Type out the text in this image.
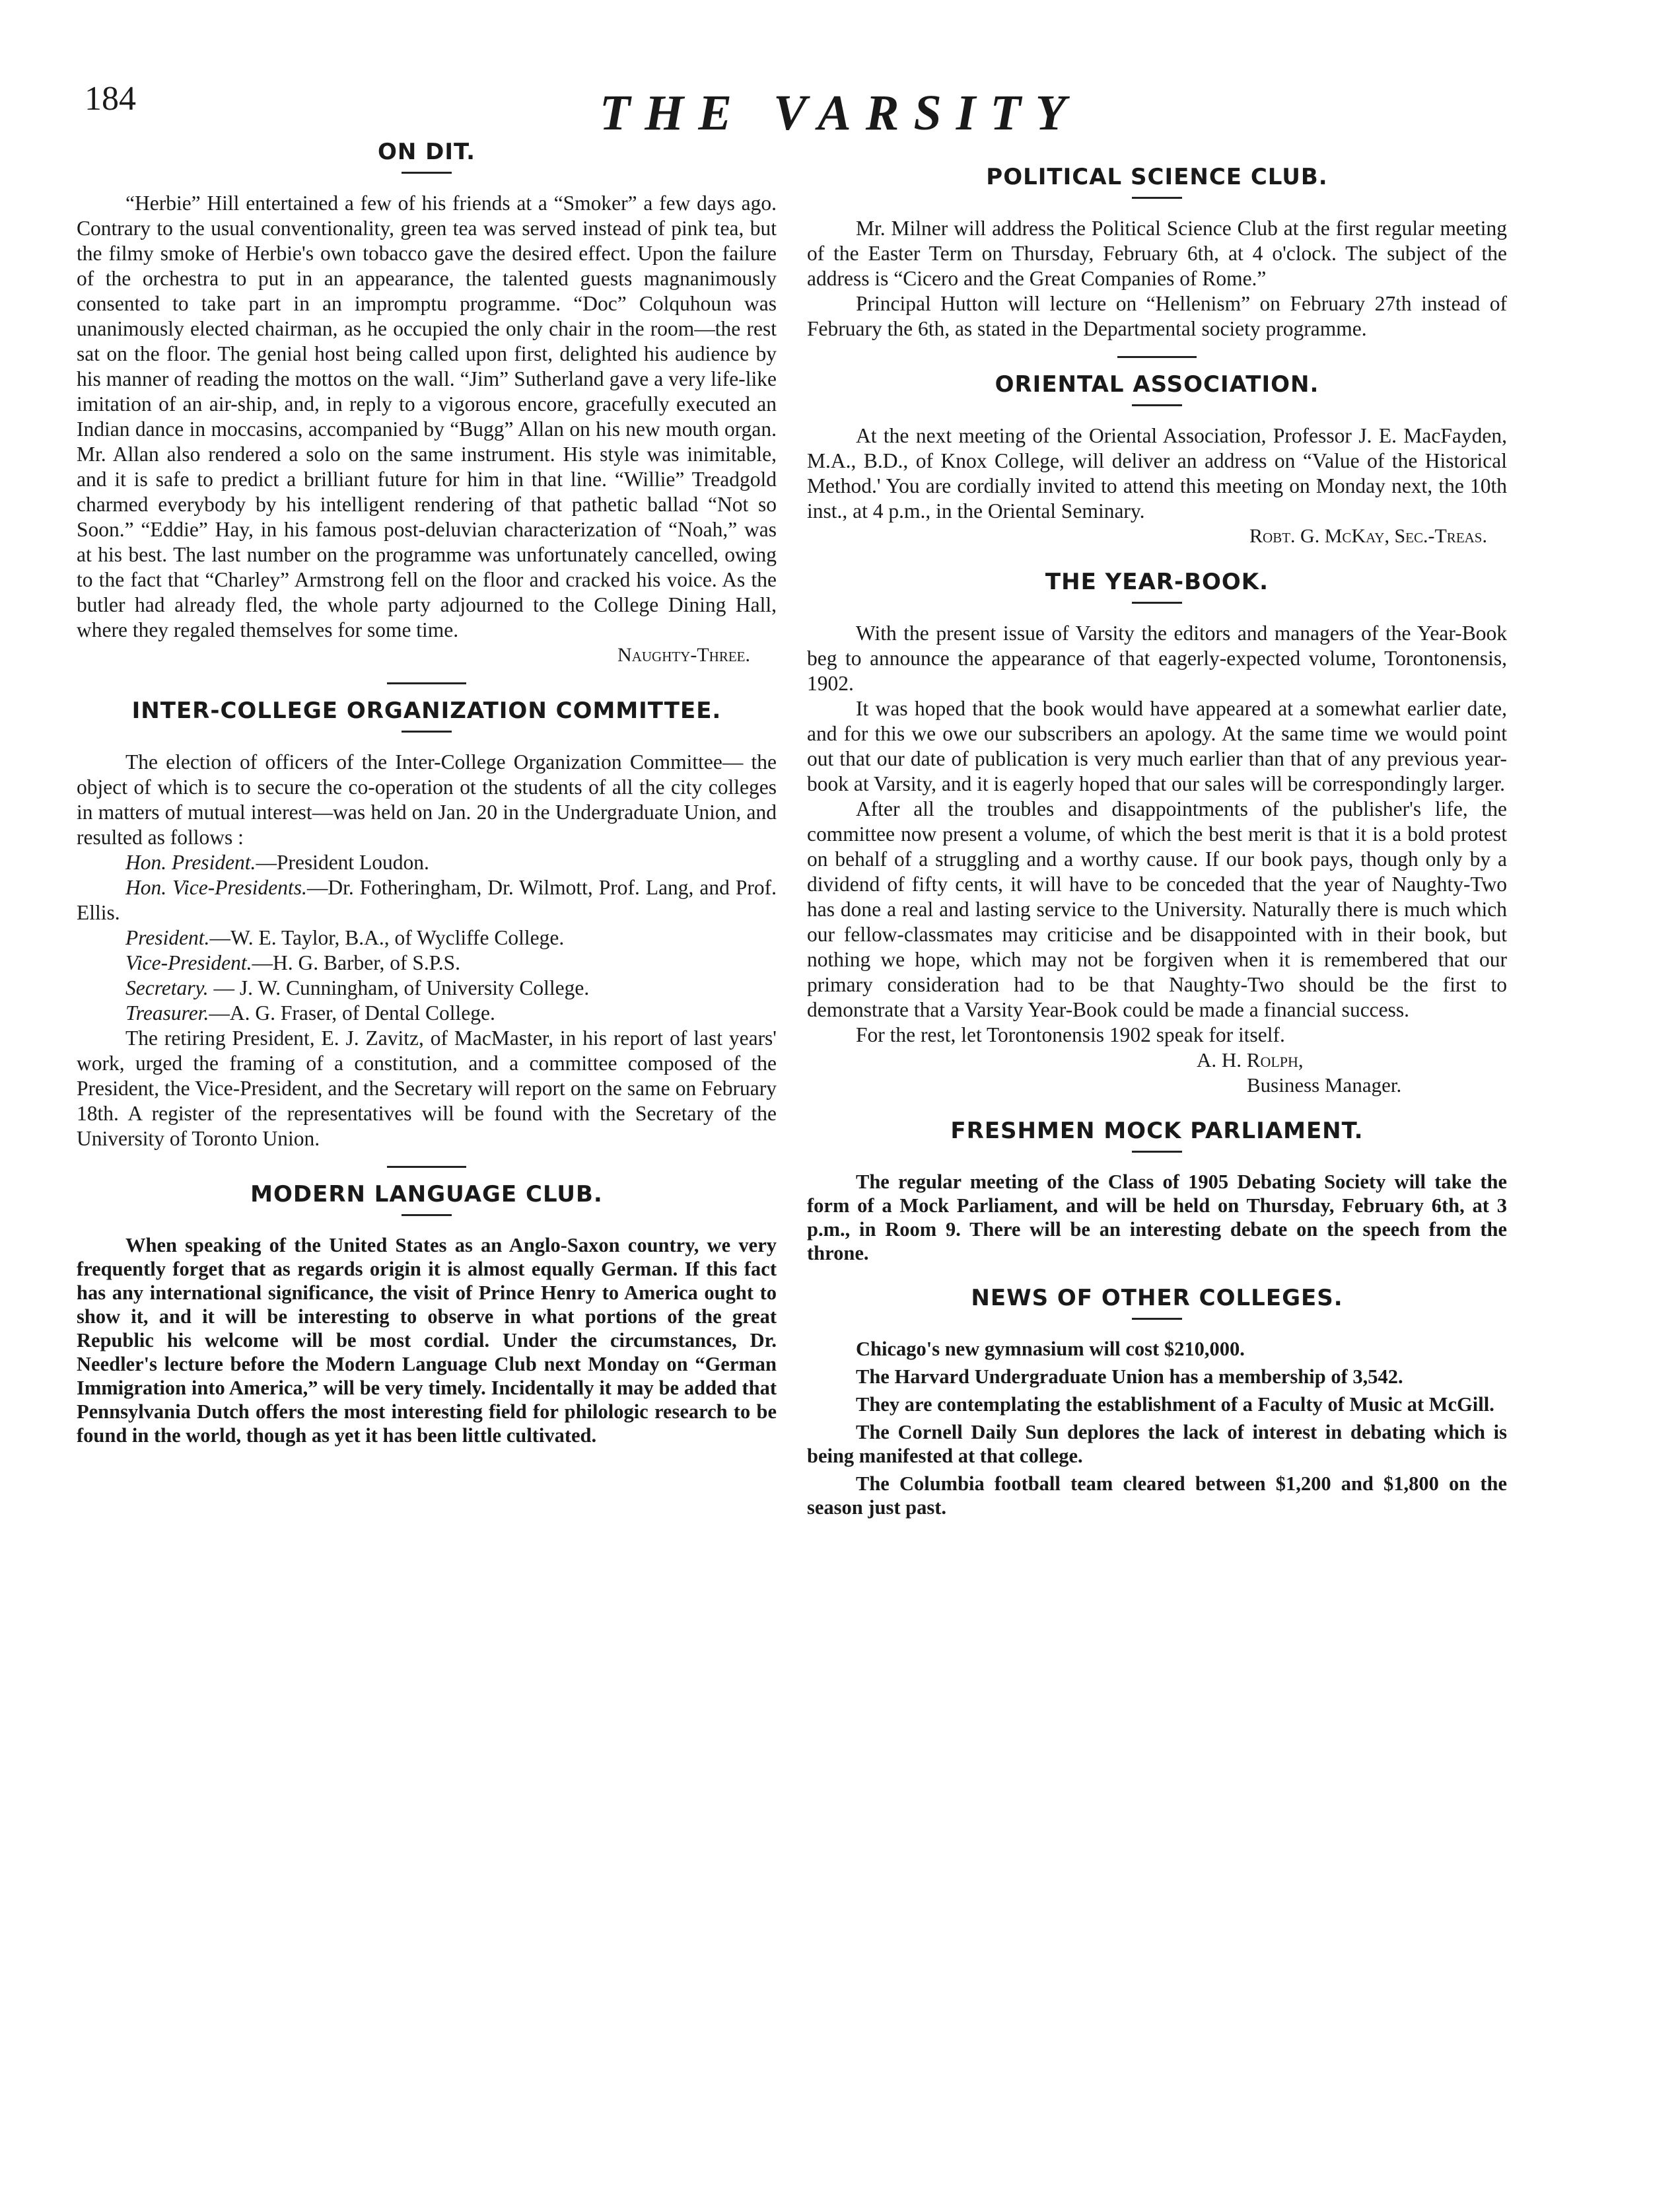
184	THE VARSITY
ON DIT.

“Herbie” Hill entertained a few of his friends at a “Smoker” a few days ago. Contrary to the usual conventionality, green tea was served instead of pink tea, but the filmy smoke of Herbie's own tobacco gave the desired effect. Upon the failure of the orchestra to put in an appearance, the talented guests magnanimously consented to take part in an impromptu programme. “Doc” Colquhoun was unanimously elected chairman, as he occupied the only chair in the room—the rest sat on the floor. The genial host being called upon first, delighted his audience by his manner of reading the mottos on the wall. “Jim” Sutherland gave a very life-like imitation of an air-ship, and, in reply to a vigorous encore, gracefully executed an Indian dance in moccasins, accompanied by “Bugg” Allan on his new mouth organ. Mr. Allan also rendered a solo on the same instrument. His style was inimitable, and it is safe to predict a brilliant future for him in that line. “Willie” Treadgold charmed everybody by his intelligent rendering of that pathetic ballad “Not so Soon.” “Eddie” Hay, in his famous post-deluvian characterization of “Noah,” was at his best. The last number on the programme was unfortunately cancelled, owing to the fact that “Charley” Armstrong fell on the floor and cracked his voice. As the butler had already fled, the whole party adjourned to the College Dining Hall, where they regaled themselves for some time.

Naughty-Three.
INTER-COLLEGE ORGANIZATION COMMITTEE.

The election of officers of the Inter-College Organization Committee— the object of which is to secure the co-operation ot the students of all the city colleges in matters of mutual interest—was held on Jan. 20 in the Undergraduate Union, and resulted as follows :

Hon. President.—President Loudon.

Hon. Vice-Presidents.—Dr. Fotheringham, Dr. Wilmott, Prof. Lang, and Prof. Ellis.

President.—W. E. Taylor, B.A., of Wycliffe College.

Vice-President.—H. G. Barber, of S.P.S.

Secretary. — J. W. Cunningham, of University College.

Treasurer.—A. G. Fraser, of Dental College.

The retiring President, E. J. Zavitz, of MacMaster, in his report of last years' work, urged the framing of a constitution, and a committee composed of the President, the Vice-President, and the Secretary will report on the same on February 18th. A register of the representatives will be found with the Secretary of the University of Toronto Union.

MODERN LANGUAGE CLUB.

When speaking of the United States as an Anglo-Saxon country, we very frequently forget that as regards origin it is almost equally German. If this fact has any international significance, the visit of Prince Henry to America ought to show it, and it will be interesting to observe in what portions of the great Republic his welcome will be most cordial. Under the circumstances, Dr. Needler's lecture before the Modern Language Club next Monday on “German Immigration into America,” will be very timely. Incidentally it may be added that Pennsylvania Dutch offers the most interesting field for philologic research to be found in the world, though as yet it has been little cultivated.

POLITICAL SCIENCE CLUB.

Mr. Milner will address the Political Science Club at the first regular meeting of the Easter Term on Thursday, February 6th, at 4 o'clock. The subject of the address is “Cicero and the Great Companies of Rome.”

Principal Hutton will lecture on “Hellenism” on February 27th instead of February the 6th, as stated in the Departmental society programme.

ORIENTAL ASSOCIATION.

At the next meeting of the Oriental Association, Professor J. E. MacFayden, M.A., B.D., of Knox College, will deliver an address on “Value of the Historical Method.' You are cordially invited to attend this meeting on Monday next, the 10th inst., at 4 p.m., in the Oriental Seminary.

Robt. G. McKay, Sec.-Treas.
THE YEAR-BOOK.

With the present issue of Varsity the editors and managers of the Year-Book beg to announce the appearance of that eagerly-expected volume, Torontonensis, 1902.

It was hoped that the book would have appeared at a somewhat earlier date, and for this we owe our subscribers an apology. At the same time we would point out that our date of publication is very much earlier than that of any previous year-book at Varsity, and it is eagerly hoped that our sales will be correspondingly larger.

After all the troubles and disappointments of the publisher's life, the committee now present a volume, of which the best merit is that it is a bold protest on behalf of a struggling and a worthy cause. If our book pays, though only by a dividend of fifty cents, it will have to be conceded that the year of Naughty-Two has done a real and lasting service to the University. Naturally there is much which our fellow-classmates may criticise and be disappointed with in their book, but nothing we hope, which may not be forgiven when it is remembered that our primary consideration had to be that Naughty-Two should be the first to demonstrate that a Varsity Year-Book could be made a financial success.

For the rest, let Torontonensis 1902 speak for itself.

A. H. Rolph,
Business Manager.
FRESHMEN MOCK PARLIAMENT.

The regular meeting of the Class of 1905 Debating Society will take the form of a Mock Parliament, and will be held on Thursday, February 6th, at 3 p.m., in Room 9. There will be an interesting debate on the speech from the throne.

NEWS OF OTHER COLLEGES.

Chicago's new gymnasium will cost $210,000.

The Harvard Undergraduate Union has a membership of 3,542.

They are contemplating the establishment of a Faculty of Music at McGill.

The Cornell Daily Sun deplores the lack of interest in debating which is being manifested at that college.

The Columbia football team cleared between $1,200 and $1,800 on the season just past.
